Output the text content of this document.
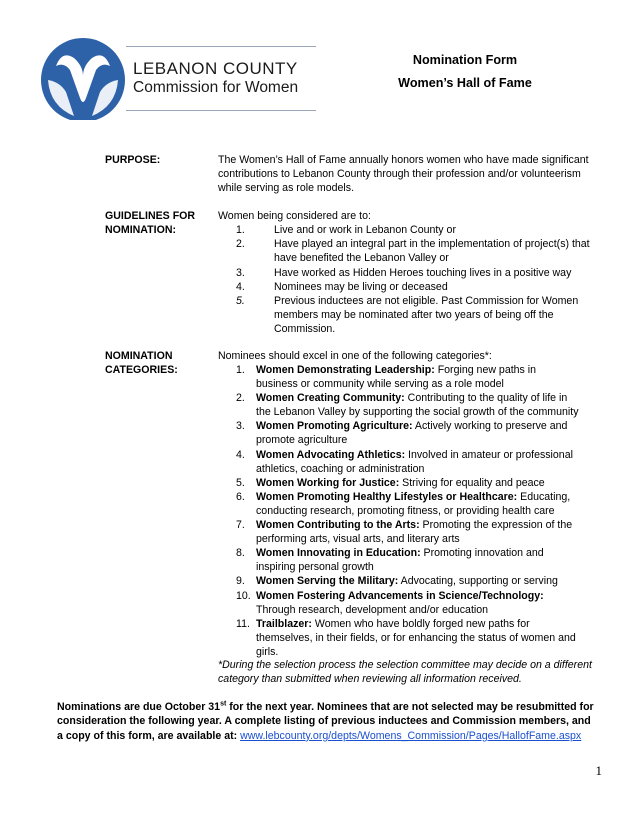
LEBANON COUNTY
Commission for Women
Nomination Form
Women’s Hall of Fame
PURPOSE:	The Women’s Hall of Fame annually honors women who have made significant contributions to Lebanon County through their profession and/or volunteerism while serving as role models.
GUIDELINES FOR
NOMINATION:
Women being considered are to:
1.	Live and or work in Lebanon County or
2.	Have played an integral part in the implementation of project(s) that have benefited the Lebanon Valley or
3.	Have worked as Hidden Heroes touching lives in a positive way
4.	Nominees may be living or deceased
5.	Previous inductees are not eligible. Past Commission for Women members may be nominated after two years of being off the Commission.
NOMINATION
CATEGORIES:
Nominees should excel in one of the following categories*:
1.	Women Demonstrating Leadership: Forging new paths in business or community while serving as a role model
2.	Women Creating Community: Contributing to the quality of life in the Lebanon Valley by supporting the social growth of the community
3.	Women Promoting Agriculture: Actively working to preserve and promote agriculture
4.	Women Advocating Athletics: Involved in amateur or professional athletics, coaching or administration
5.	Women Working for Justice: Striving for equality and peace
6.	Women Promoting Healthy Lifestyles or Healthcare: Educating, conducting research, promoting fitness, or providing health care
7.	Women Contributing to the Arts: Promoting the expression of the performing arts, visual arts, and literary arts
8.	Women Innovating in Education: Promoting innovation and inspiring personal growth
9.	Women Serving the Military: Advocating, supporting or serving
10. Women Fostering Advancements in Science/Technology: Through research, development and/or education
11. Trailblazer: Women who have boldly forged new paths for themselves, in their fields, or for enhancing the status of women and girls.
*During the selection process the selection committee may decide on a different category than submitted when reviewing all information received.
Nominations are due October 31st for the next year. Nominees that are not selected may be resubmitted for consideration the following year. A complete listing of previous inductees and Commission members, and a copy of this form, are available at: www.lebcounty.org/depts/Womens_Commission/Pages/HallofFame.aspx
1
